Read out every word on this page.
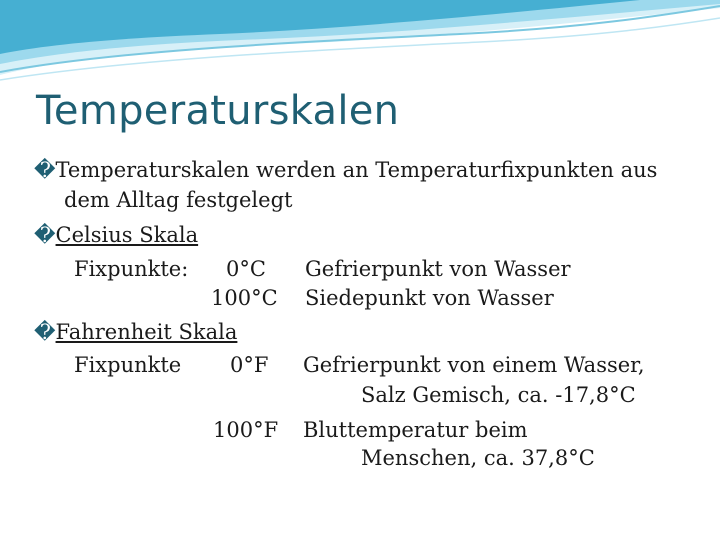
Temperaturskalen
�Temperaturskalen werden an Temperaturfixpunkten aus
dem Alltag festgelegt
�Celsius Skala
Fixpunkte: 0°C Gefrierpunkt von Wasser
100°C Siedepunkt von Wasser
�Fahrenheit Skala
Fixpunkte 0°F Gefrierpunkt von einem Wasser,
Salz Gemisch, ca. -17,8°C
100°F Bluttemperatur beim
Menschen, ca. 37,8°C
